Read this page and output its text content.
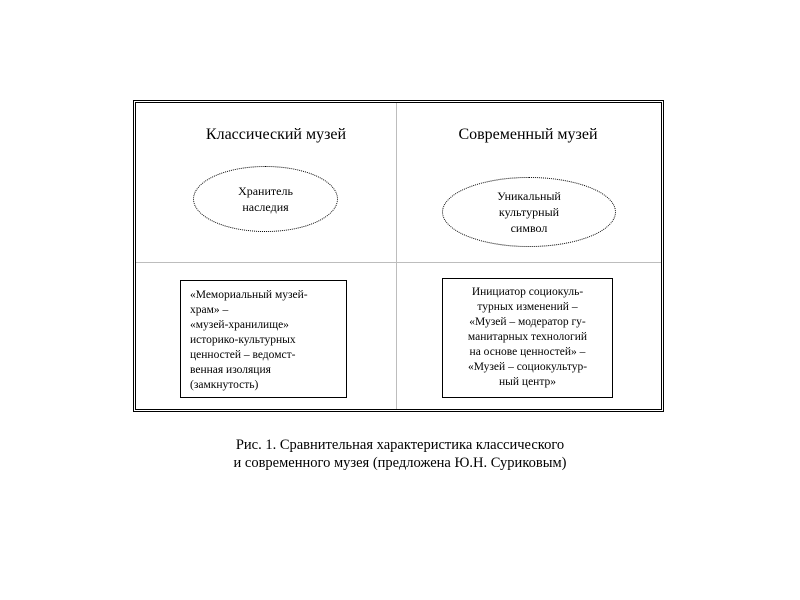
Классический музей	Современный музей
Хранитель
наследия
Уникальный
культурный
символ
«Мемориальный музей-
храм» –
«музей-хранилище»
историко-культурных
ценностей – ведомст-
венная изоляция
(замкнутость)
Инициатор социокуль-
турных изменений –
«Музей – модератор гу-
манитарных технологий
на основе ценностей» –
«Музей – социокультур-
ный центр»
Рис. 1. Сравнительная характеристика классического
и современного музея (предложена Ю.Н. Суриковым)
